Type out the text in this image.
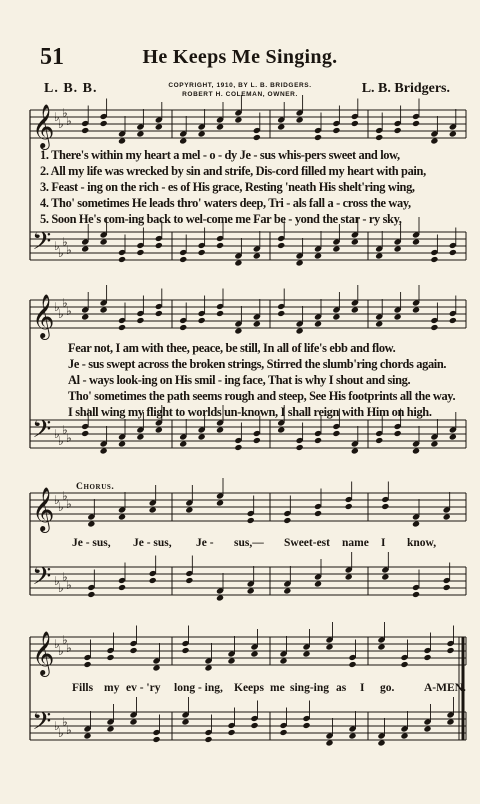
51	He Keeps Me Singing.
L. B. B.	COPYRIGHT, 1910, BY L. B. BRIDGERS.
ROBERT H. COLEMAN, OWNER.	L. B. Bridgers.
𝄞
𝄢
♭
♭
♭
♭
♭
♭
♭
♭
𝄞
𝄢
♭
♭
♭
♭
♭
♭
♭
♭
𝄞
𝄢
♭
♭
♭
♭
♭
♭
♭
♭
𝄞
𝄢
♭
♭
♭
♭
♭
♭
♭
♭
1. There's within my heart a mel - o - dy Je - sus whis-pers sweet and low,
2. All my life was wrecked by sin and strife, Dis-cord filled my heart with pain,
3. Feast - ing on the rich - es of His grace, Resting 'neath His shelt'ring wing,
4. Tho' sometimes He leads thro' waters deep, Tri - als fall a - cross the way,
5. Soon He's com-ing back to wel-come me Far be - yond the star - ry sky,
Fear not, I am with thee, peace, be still, In all of life's ebb and flow.
Je - sus swept across the broken strings, Stirred the slumb'ring chords again.
Al - ways look-ing on His smil - ing face, That is why I shout and sing.
Tho' sometimes the path seems rough and steep, See His footprints all the way.
I shall wing my flight to worlds un-known, I shall reign with Him on high.
Chorus.
Je - sus, Je - sus, Je - sus,— Sweet-est name I know,
Fills my ev - 'ry long - ing, Keeps me sing-ing as I go.	A-MEN.
